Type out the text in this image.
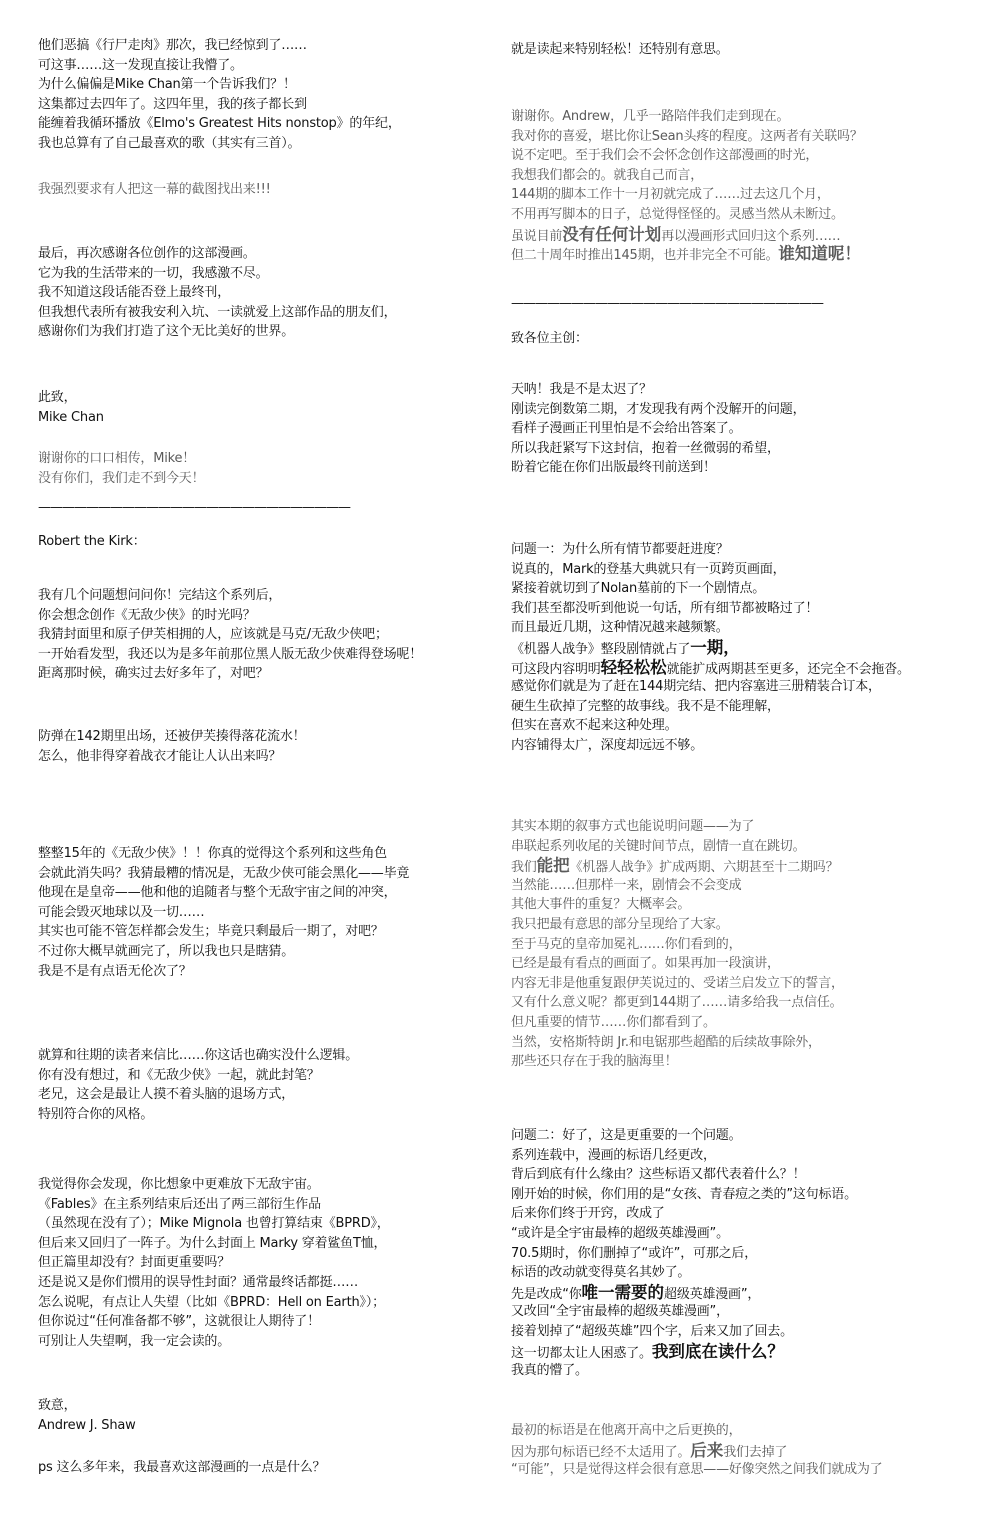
他们恶搞《行尸走肉》那次，我已经惊到了……
可这事……这一发现直接让我懵了。
为什么偏偏是Mike Chan第一个告诉我们？！
这集都过去四年了。这四年里，我的孩子都长到
能缠着我循环播放《Elmo's Greatest Hits nonstop》的年纪，
我也总算有了自己最喜欢的歌（其实有三首）。
我强烈要求有人把这一幕的截图找出来!!!
最后，再次感谢各位创作的这部漫画。
它为我的生活带来的一切，我感激不尽。
我不知道这段话能否登上最终刊，
但我想代表所有被我安利入坑、一读就爱上这部作品的朋友们，
感谢你们为我们打造了这个无比美好的世界。
此致，
Mike Chan
谢谢你的口口相传，Mike！
没有你们，我们走不到今天！
——————————————————————————
Robert the Kirk：
我有几个问题想问问你！完结这个系列后，
你会想念创作《无敌少侠》的时光吗？
我猜封面里和原子伊芙相拥的人，应该就是马克/无敌少侠吧；
一开始看发型，我还以为是多年前那位黑人版无敌少侠难得登场呢！
距离那时候，确实过去好多年了，对吧？
防弹在142期里出场，还被伊芙揍得落花流水！
怎么，他非得穿着战衣才能让人认出来吗？
整整15年的《无敌少侠》！！你真的觉得这个系列和这些角色
会就此消失吗？我猜最糟的情况是，无敌少侠可能会黑化——毕竟
他现在是皇帝——他和他的追随者与整个无敌宇宙之间的冲突，
可能会毁灭地球以及一切……
其实也可能不管怎样都会发生；毕竟只剩最后一期了，对吧？
不过你大概早就画完了，所以我也只是瞎猜。
我是不是有点语无伦次了？
就算和往期的读者来信比……你这话也确实没什么逻辑。
你有没有想过，和《无敌少侠》一起，就此封笔？
老兄，这会是最让人摸不着头脑的退场方式，
特别符合你的风格。
我觉得你会发现，你比想象中更难放下无敌宇宙。
《Fables》在主系列结束后还出了两三部衍生作品
（虽然现在没有了）；Mike Mignola 也曾打算结束《BPRD》，
但后来又回归了一阵子。为什么封面上 Marky 穿着鲨鱼T恤，
但正篇里却没有？封面更重要吗？
还是说又是你们惯用的误导性封面？通常最终话都挺……
怎么说呢，有点让人失望（比如《BPRD：Hell on Earth》）；
但你说过“任何准备都不够”，这就很让人期待了！
可别让人失望啊，我一定会读的。
致意，
Andrew J. Shaw
ps 这么多年来，我最喜欢这部漫画的一点是什么？
就是读起来特别轻松！还特别有意思。
谢谢你。Andrew，几乎一路陪伴我们走到现在。
我对你的喜爱，堪比你让Sean头疼的程度。这两者有关联吗？
说不定吧。至于我们会不会怀念创作这部漫画的时光，
我想我们都会的。就我自己而言，
144期的脚本工作十一月初就完成了……过去这几个月，
不用再写脚本的日子，总觉得怪怪的。灵感当然从未断过。
虽说目前没有任何计划再以漫画形式回归这个系列……
但二十周年时推出145期，也并非完全不可能。谁知道呢！
——————————————————————————
致各位主创：
天呐！我是不是太迟了？
刚读完倒数第二期，才发现我有两个没解开的问题，
看样子漫画正刊里怕是不会给出答案了。
所以我赶紧写下这封信，抱着一丝微弱的希望，
盼着它能在你们出版最终刊前送到！
问题一：为什么所有情节都要赶进度？
说真的，Mark的登基大典就只有一页跨页画面，
紧接着就切到了Nolan墓前的下一个剧情点。
我们甚至都没听到他说一句话，所有细节都被略过了！
而且最近几期，这种情况越来越频繁。
《机器人战争》整段剧情就占了一期，
可这段内容明明轻轻松松就能扩成两期甚至更多，还完全不会拖沓。
感觉你们就是为了赶在144期完结、把内容塞进三册精装合订本，
硬生生砍掉了完整的故事线。我不是不能理解，
但实在喜欢不起来这种处理。
内容铺得太广，深度却远远不够。
其实本期的叙事方式也能说明问题——为了
串联起系列收尾的关键时间节点，剧情一直在跳切。
我们能把《机器人战争》扩成两期、六期甚至十二期吗？
当然能……但那样一来，剧情会不会变成
其他大事件的重复？大概率会。
我只把最有意思的部分呈现给了大家。
至于马克的皇帝加冕礼……你们看到的，
已经是最有看点的画面了。如果再加一段演讲，
内容无非是他重复跟伊芙说过的、受诺兰启发立下的誓言，
又有什么意义呢？都更到144期了……请多给我一点信任。
但凡重要的情节……你们都看到了。
当然，安格斯特朗 Jr.和电锯那些超酷的后续故事除外，
那些还只存在于我的脑海里！
问题二：好了，这是更重要的一个问题。
系列连载中，漫画的标语几经更改，
背后到底有什么缘由？这些标语又都代表着什么？！
刚开始的时候，你们用的是“女孩、青春痘之类的”这句标语。
后来你们终于开窍，改成了
“或许是全宇宙最棒的超级英雄漫画”。
70.5期时，你们删掉了“或许”，可那之后，
标语的改动就变得莫名其妙了。
先是改成“你唯一需要的超级英雄漫画”，
又改回“全宇宙最棒的超级英雄漫画”，
接着划掉了“超级英雄”四个字，后来又加了回去。
这一切都太让人困惑了。我到底在读什么？
我真的懵了。
最初的标语是在他离开高中之后更换的，
因为那句标语已经不太适用了。后来我们去掉了
“可能”，只是觉得这样会很有意思——好像突然之间我们就成为了
